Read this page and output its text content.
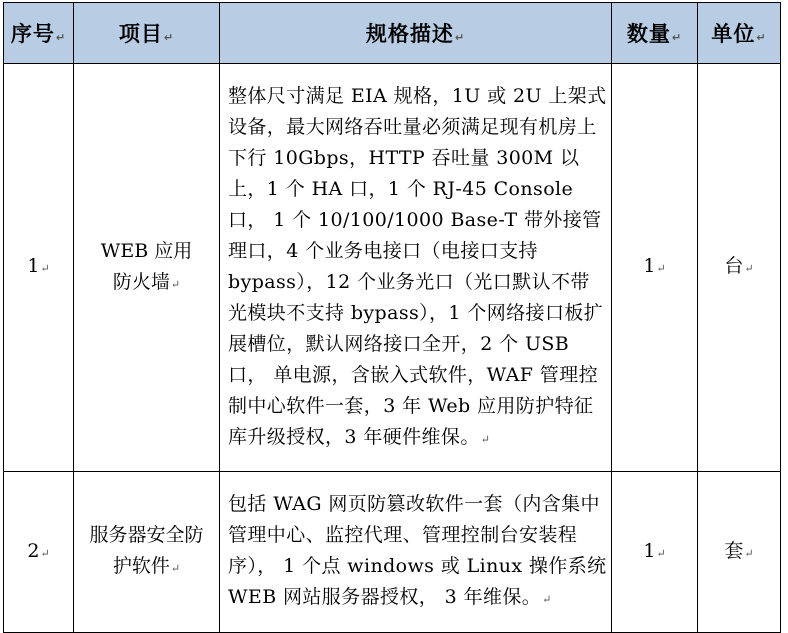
序号↵	项目↵	规格描述↵	数量↵	单位↵
1↵	WEB 应用防火墙↵	整体尺寸满足 EIA 规格，1U 或 2U 上架式设备，最大网络吞吐量必须满足现有机房上下行 10Gbps，HTTP 吞吐量 300M 以上，1 个 HA 口，1 个 RJ-45 Console 口， 1 个 10/100/1000 Base-T 带外接管理口，4 个业务电接口（电接口支持 bypass），12 个业务光口（光口默认不带光模块不支持 bypass），1 个网络接口板扩展槽位，默认网络接口全开，2 个 USB 口， 单电源，含嵌入式软件，WAF 管理控制中心软件一套，3 年 Web 应用防护特征库升级授权，3 年硬件维保。↵	1↵	台↵
2↵	服务器安全防护软件↵	包括 WAG 网页防篡改软件一套（内含集中管理中心、监控代理、管理控制台安装程序）， 1 个点 windows 或 Linux 操作系统 WEB 网站服务器授权， 3 年维保。↵	1↵	套↵
